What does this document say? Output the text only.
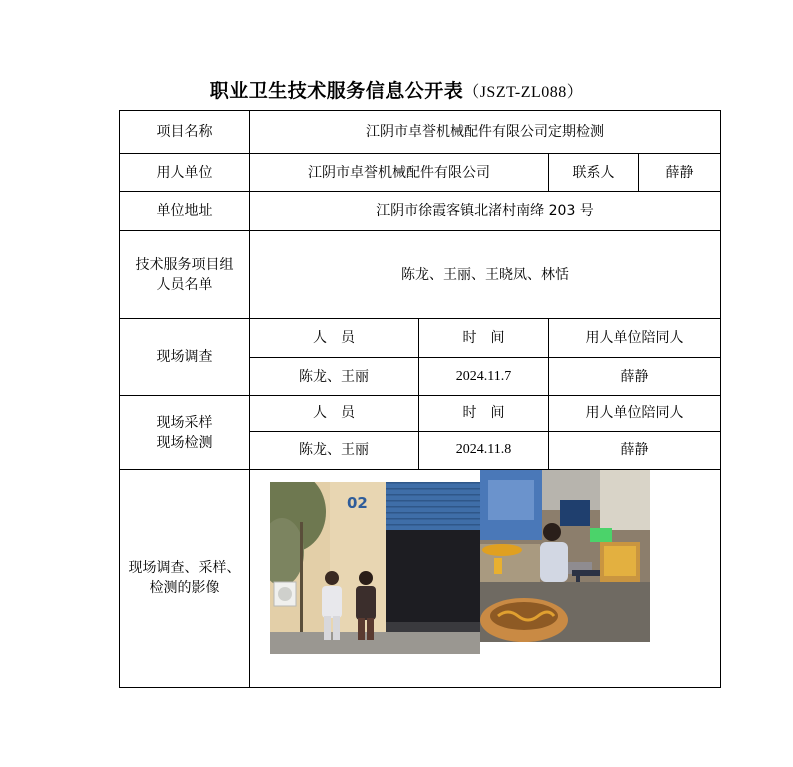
职业卫生技术服务信息公开表（JSZT-ZL088）
项目名称	江阴市卓誉机械配件有限公司定期检测			
用人单位	江阴市卓誉机械配件有限公司		联系人	薛静
单位地址	江阴市徐霞客镇北渚村南绛 203 号			

技术服务项目组
人员名单	陈龙、王丽、王晓凤、林恬			
现场调查	人　员	时　间	用人单位陪同人	
	陈龙、王丽	2024.11.7	薛静	

现场采样
现场检测	人　员	时　间	用人单位陪同人	
	陈龙、王丽	2024.11.8	薛静	

现场调查、采样、
检测的影像	02			
